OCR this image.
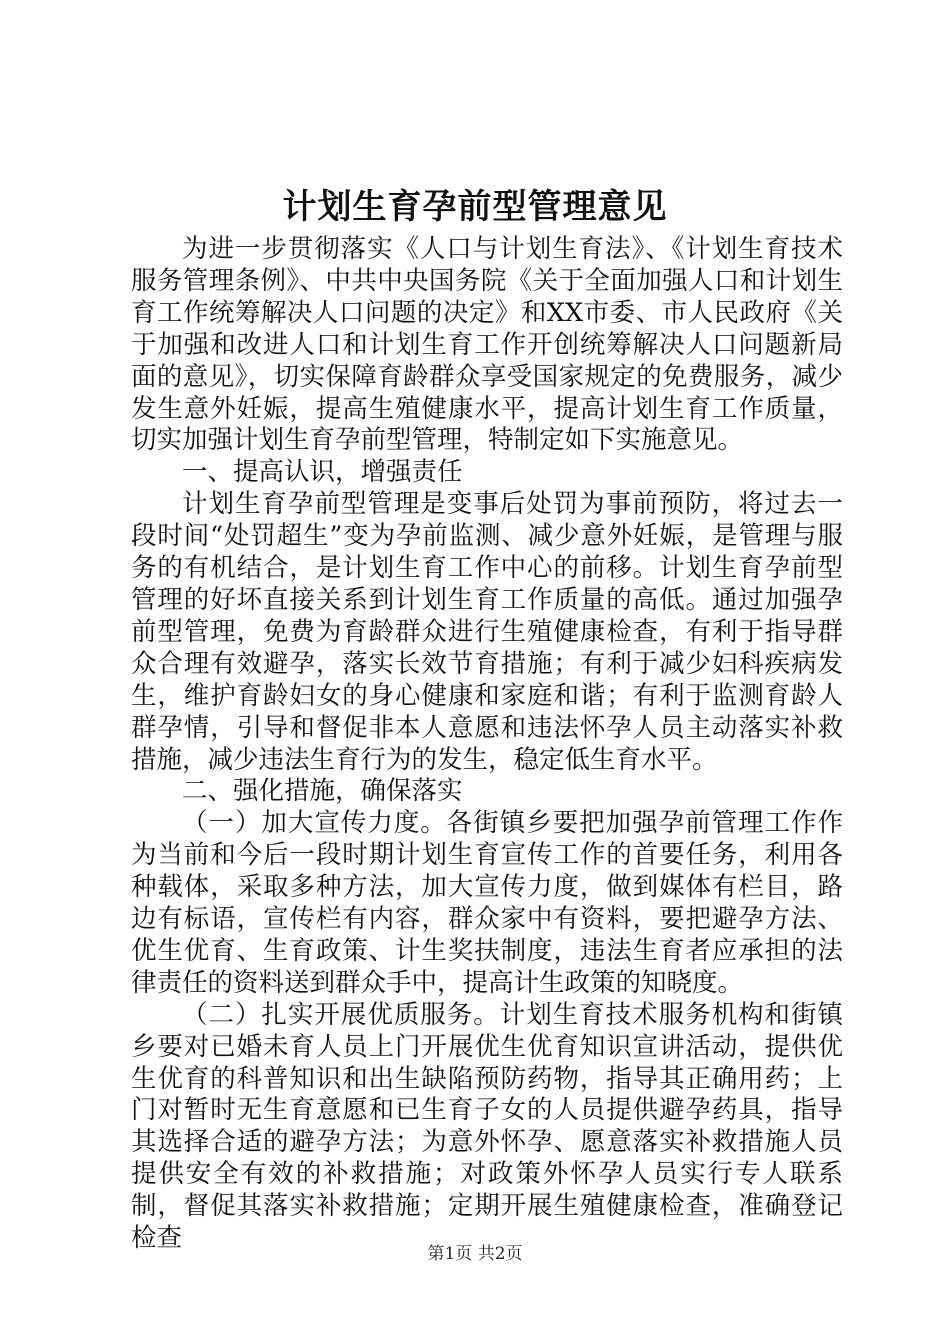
计划生育孕前型管理意见

为进一步贯彻落实《人口与计划生育法》、《计划生育技术服务管理条例》、中共中央国务院《关于全面加强人口和计划生育工作统筹解决人口问题的决定》和XX市委、市人民政府《关于加强和改进人口和计划生育工作开创统筹解决人口问题新局面的意见》，切实保障育龄群众享受国家规定的免费服务，减少发生意外妊娠，提高生殖健康水平，提高计划生育工作质量，切实加强计划生育孕前型管理，特制定如下实施意见。

一、提高认识，增强责任

计划生育孕前型管理是变事后处罚为事前预防，将过去一段时间“处罚超生”变为孕前监测、减少意外妊娠，是管理与服务的有机结合，是计划生育工作中心的前移。计划生育孕前型管理的好坏直接关系到计划生育工作质量的高低。通过加强孕前型管理，免费为育龄群众进行生殖健康检查，有利于指导群众合理有效避孕，落实长效节育措施；有利于减少妇科疾病发生，维护育龄妇女的身心健康和家庭和谐；有利于监测育龄人群孕情，引导和督促非本人意愿和违法怀孕人员主动落实补救措施，减少违法生育行为的发生，稳定低生育水平。

二、强化措施，确保落实

（一）加大宣传力度。各街镇乡要把加强孕前管理工作作为当前和今后一段时期计划生育宣传工作的首要任务，利用各种载体，采取多种方法，加大宣传力度，做到媒体有栏目，路边有标语，宣传栏有内容，群众家中有资料，要把避孕方法、优生优育、生育政策、计生奖扶制度，违法生育者应承担的法律责任的资料送到群众手中，提高计生政策的知晓度。

（二）扎实开展优质服务。计划生育技术服务机构和街镇乡要对已婚未育人员上门开展优生优育知识宣讲活动，提供优生优育的科普知识和出生缺陷预防药物，指导其正确用药；上门对暂时无生育意愿和已生育子女的人员提供避孕药具，指导其选择合适的避孕方法；为意外怀孕、愿意落实补救措施人员提供安全有效的补救措施；对政策外怀孕人员实行专人联系制，督促其落实补救措施；定期开展生殖健康检查，准确登记检查

第1页 共2页
